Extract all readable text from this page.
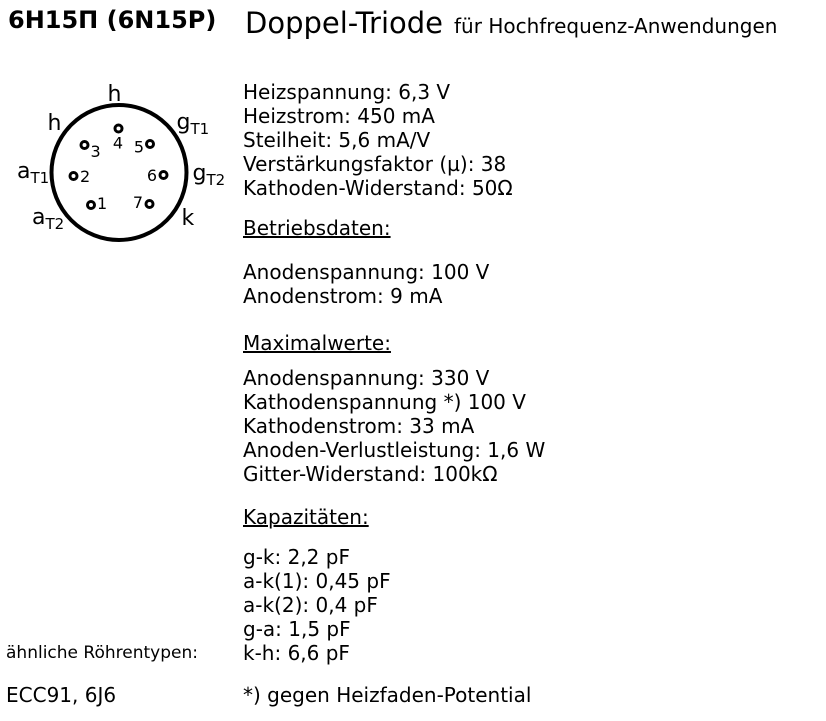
6Н15П (6N15P) Doppel-Triode für Hochfrequenz-Anwendungen
1
2
3 4 5
6
7
h
h	$g_{T1}$
$a_{T1}$	$g_{T2}$
$a_{T2}$	k
Heizspannung: 6,3 V
Heizstrom: 450 mA
Steilheit: 5,6 mA/V
Verstärkungsfaktor (µ): 38
Kathoden-Widerstand: 50Ω
Betriebsdaten:
Anodenspannung: 100 V
Anodenstrom: 9 mA
Maximalwerte:
Anodenspannung: 330 V
Kathodenspannung *) 100 V
Kathodenstrom: 33 mA
Anoden-Verlustleistung: 1,6 W
Gitter-Widerstand: 100kΩ
Kapazitäten:
g-k: 2,2 pF
a-k(1): 0,45 pF
a-k(2): 0,4 pF
g-a: 1,5 pF
k-h: 6,6 pF
ähnliche Röhrentypen:
ECC91, 6J6	*) gegen Heizfaden-Potential
